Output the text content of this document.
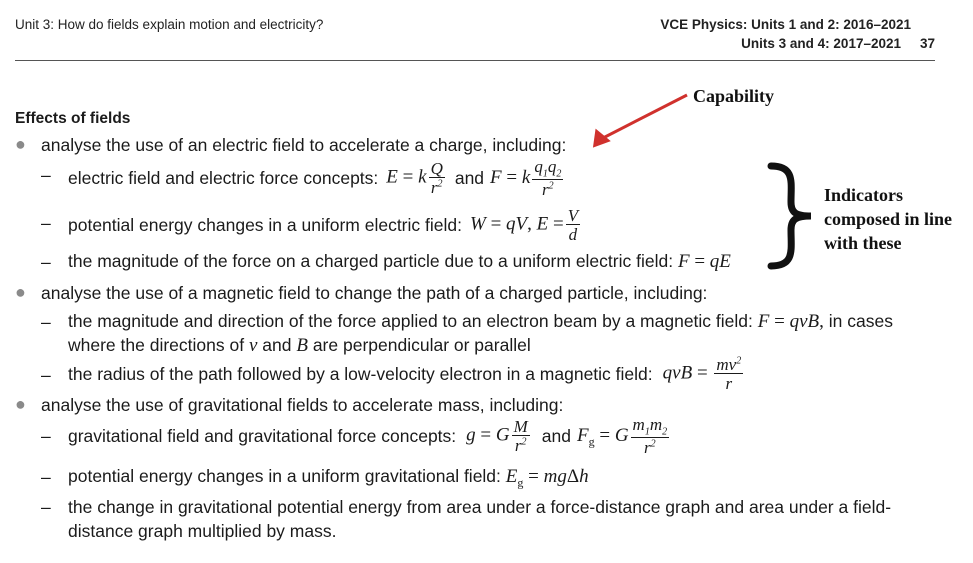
Unit 3: How do fields explain motion and electricity?	VCE Physics: Units 1 and 2: 2016–2021
Units 3 and 4: 2017–2021 37
Effects of fields
● analyse the use of an electric field to accelerate a charge, including:
– electric field and electric force concepts: E = k $\frac{Q}{r^2}$ and F = k $\frac{q_1q_2}{r^2}$
– potential energy changes in a uniform electric field: W = qV, $E = \frac{V}{d}$
– the magnitude of the force on a charged particle due to a uniform electric field: F = qE
● analyse the use of a magnetic field to change the path of a charged particle, including:
– the magnitude and direction of the force applied to an electron beam by a magnetic field: F = qvB, in cases
where the directions of v and B are perpendicular or parallel
– the radius of the path followed by a low-velocity electron in a magnetic field: qvB = $\frac{mv^2}{r}$
● analyse the use of gravitational fields to accelerate mass, including:
– gravitational field and gravitational force concepts: g = G $\frac{M}{r^2}$ and $F_g = G \frac{m_1m_2}{r^2}$
– potential energy changes in a uniform gravitational field: $E_g = mg\Delta h$
– the change in gravitational potential energy from area under a force-distance graph and area under a field-
distance graph multiplied by mass.
Capability
Indicators
composed in line
with these
